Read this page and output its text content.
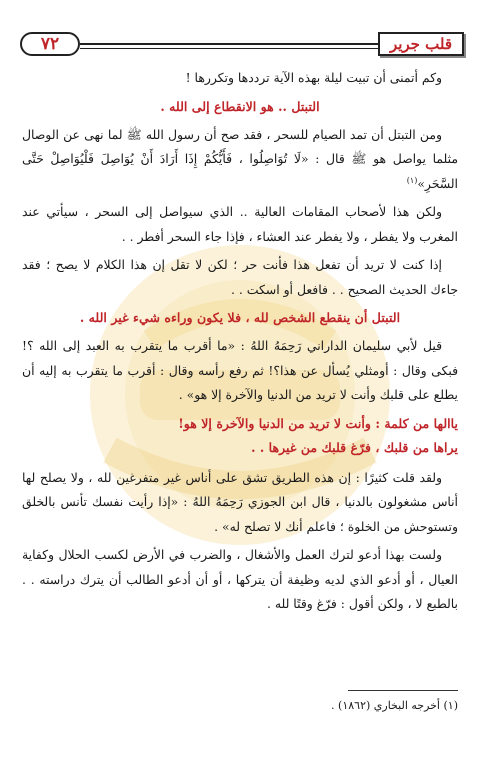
٧٢	قلب جرير

وكم أتمنى أن تبيت ليلة بهذه الآية ترددها وتكررها !

التبتل .. هو الانقطاع إلى الله .

ومن التبتل أن تمد الصيام للسحر ، فقد صح أن رسول الله ﷺ لما نهى عن الوصال مثلما يواصل هو ﷺ قال : «لَا تُوَاصِلُوا ، فَأَيُّكُمْ إِذَا أَرَادَ أَنْ يُوَاصِلَ فَلْيُوَاصِلْ حَتَّى السَّحَرِ»$^{(١)}$

ولكن هذا لأصحاب المقامات العالية .. الذي سيواصل إلى السحر ، سيأتي عند المغرب ولا يفطر ، ولا يفطر عند العشاء ، فإذا جاء السحر أفطر . .

إذا كنت لا تريد أن تفعل هذا فأنت حر ؛ لكن لا تقل إن هذا الكلام لا يصح ؛ فقد جاءك الحديث الصحيح . . فافعل أو اسكت . .

التبتل أن ينقطع الشخص لله ، فلا يكون وراءه شيء غير الله .

قيل لأبي سليمان الداراني رَحِمَهُ اللهُ : «ما أقرب ما يتقرب به العبد إلى الله ؟! فبكى وقال : أومثلي يُسأل عن هذا؟! ثم رفع رأسه وقال : أقرب ما يتقرب به إليه أن يطلع على قلبك وأنت لا تريد من الدنيا والآخرة إلا هو» .

ياالها من كلمة : وأنت لا تريد من الدنيا والآخرة إلا هو!
يراها من قلبك ، فرّغ قلبك من غيرها . .

ولقد قلت كثيرًا : إن هذه الطريق تشق على أناس غير متفرغين لله ، ولا يصلح لها أناس مشغولون بالدنيا ، قال ابن الجوزي رَحِمَهُ اللهُ : «إذا رأيت نفسك تأنس بالخلق وتستوحش من الخلوة ؛ فاعلم أنك لا تصلح له» .

ولست بهذا أدعو لترك العمل والأشغال ، والضرب في الأرض لكسب الحلال وكفاية العيال ، أو أدعو الذي لديه وظيفة أن يتركها ، أو أن أدعو الطالب أن يترك دراسته . . بالطبع لا ، ولكن أقول : فرّغ وقتًا لله .

(١) أخرجه البخاري (١٨٦٢) .
